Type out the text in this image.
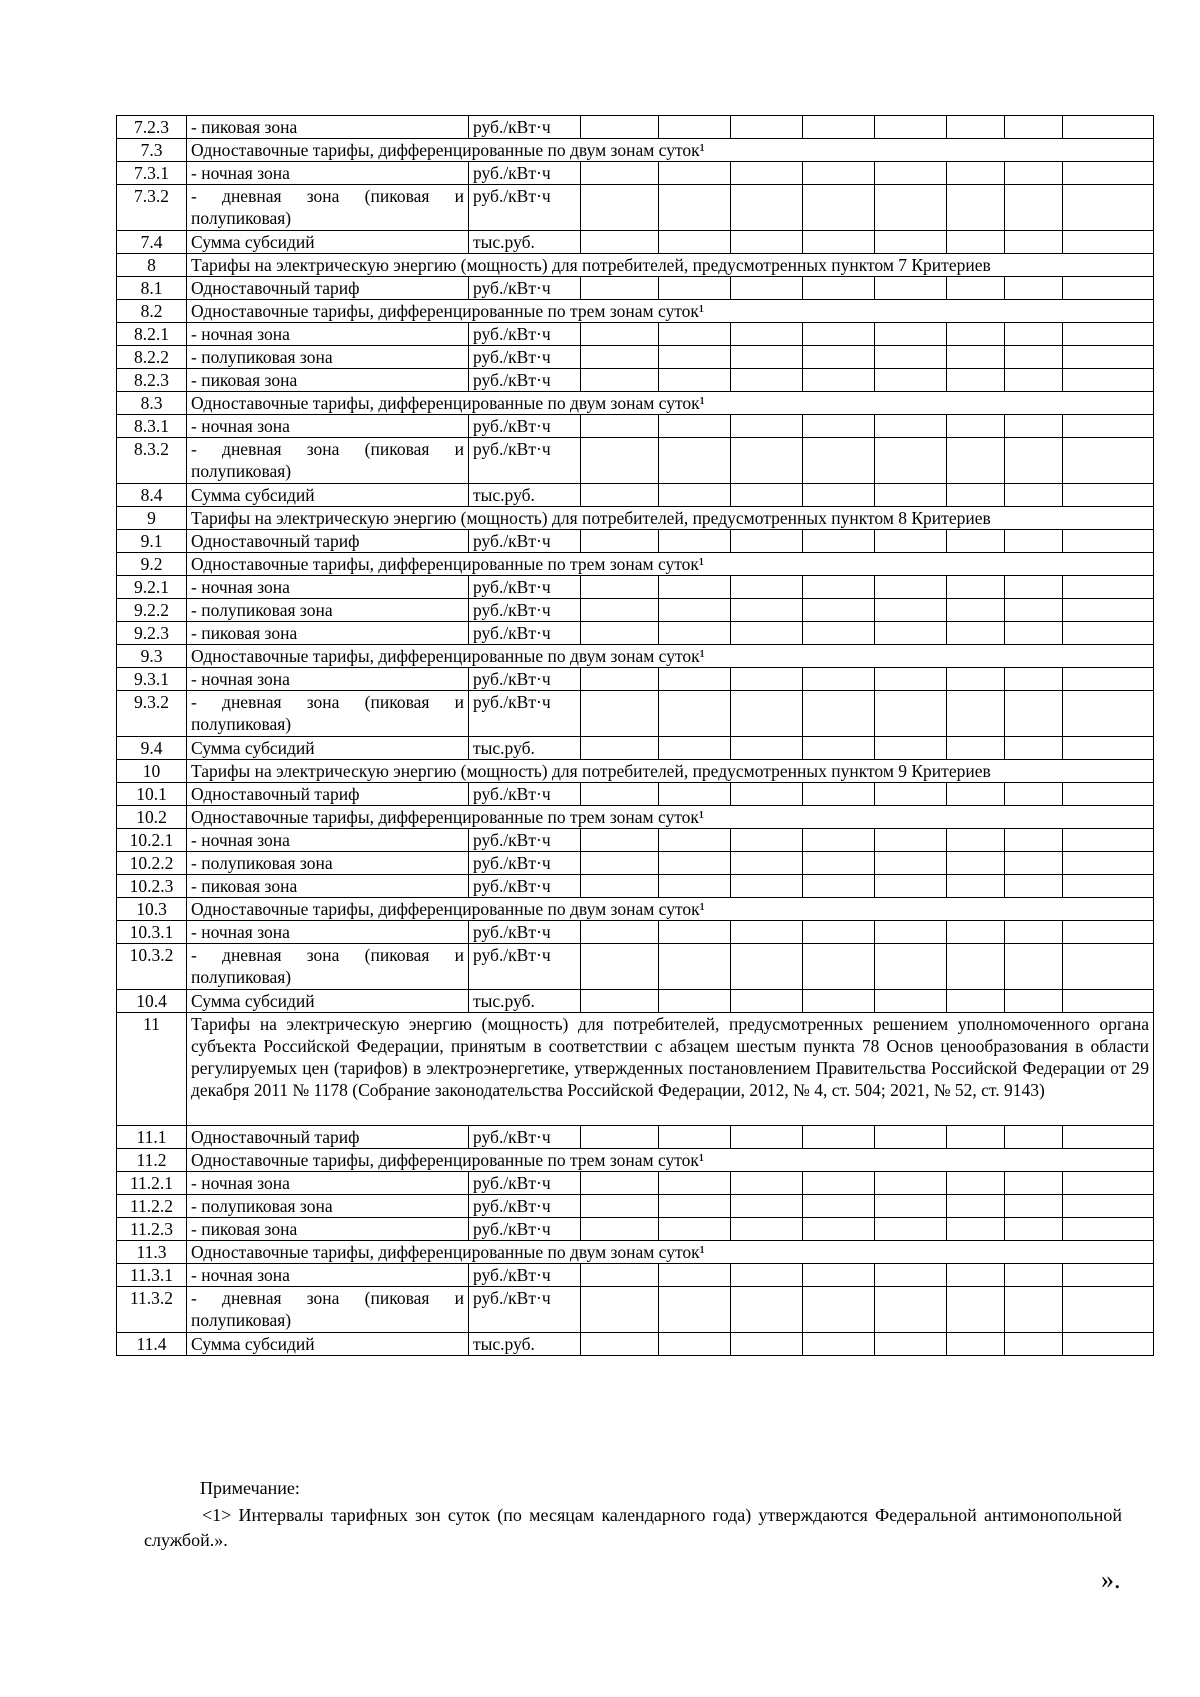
7.2.3	- пиковая зона	руб./кВт·ч								
7.3	Одноставочные тарифы, дифференцированные по двум зонам суток¹									
7.3.1	- ночная зона	руб./кВт·ч								
7.3.2	- дневная зона (пиковая и полупиковая)	руб./кВт·ч								
7.4	Сумма субсидий	тыс.руб.								
8	Тарифы на электрическую энергию (мощность) для потребителей, предусмотренных пунктом 7 Критериев									
8.1	Одноставочный тариф	руб./кВт·ч								
8.2	Одноставочные тарифы, дифференцированные по трем зонам суток¹									
8.2.1	- ночная зона	руб./кВт·ч								
8.2.2	- полупиковая зона	руб./кВт·ч								
8.2.3	- пиковая зона	руб./кВт·ч								
8.3	Одноставочные тарифы, дифференцированные по двум зонам суток¹									
8.3.1	- ночная зона	руб./кВт·ч								
8.3.2	- дневная зона (пиковая и полупиковая)	руб./кВт·ч								
8.4	Сумма субсидий	тыс.руб.								
9	Тарифы на электрическую энергию (мощность) для потребителей, предусмотренных пунктом 8 Критериев									
9.1	Одноставочный тариф	руб./кВт·ч								
9.2	Одноставочные тарифы, дифференцированные по трем зонам суток¹									
9.2.1	- ночная зона	руб./кВт·ч								
9.2.2	- полупиковая зона	руб./кВт·ч								
9.2.3	- пиковая зона	руб./кВт·ч								
9.3	Одноставочные тарифы, дифференцированные по двум зонам суток¹									
9.3.1	- ночная зона	руб./кВт·ч								
9.3.2	- дневная зона (пиковая и полупиковая)	руб./кВт·ч								
9.4	Сумма субсидий	тыс.руб.								
10	Тарифы на электрическую энергию (мощность) для потребителей, предусмотренных пунктом 9 Критериев									
10.1	Одноставочный тариф	руб./кВт·ч								
10.2	Одноставочные тарифы, дифференцированные по трем зонам суток¹									
10.2.1	- ночная зона	руб./кВт·ч								
10.2.2	- полупиковая зона	руб./кВт·ч								
10.2.3	- пиковая зона	руб./кВт·ч								
10.3	Одноставочные тарифы, дифференцированные по двум зонам суток¹									
10.3.1	- ночная зона	руб./кВт·ч								
10.3.2	- дневная зона (пиковая и полупиковая)	руб./кВт·ч								
10.4	Сумма субсидий	тыс.руб.								
11	Тарифы на электрическую энергию (мощность) для потребителей, предусмотренных решением уполномоченного органа субъекта Российской Федерации, принятым в соответствии с абзацем шестым пункта 78 Основ ценообразования в области регулируемых цен (тарифов) в электроэнергетике, утвержденных постановлением Правительства Российской Федерации от 29 декабря 2011 № 1178 (Собрание законодательства Российской Федерации, 2012, № 4, ст. 504; 2021, № 52, ст. 9143)									
11.1	Одноставочный тариф	руб./кВт·ч								
11.2	Одноставочные тарифы, дифференцированные по трем зонам суток¹									
11.2.1	- ночная зона	руб./кВт·ч								
11.2.2	- полупиковая зона	руб./кВт·ч								
11.2.3	- пиковая зона	руб./кВт·ч								
11.3	Одноставочные тарифы, дифференцированные по двум зонам суток¹									
11.3.1	- ночная зона	руб./кВт·ч								
11.3.2	- дневная зона (пиковая и полупиковая)	руб./кВт·ч								
11.4	Сумма субсидий	тыс.руб.								
Примечание:
<1> Интервалы тарифных зон суток (по месяцам календарного года) утверждаются Федеральной антимонопольной службой.».
».
